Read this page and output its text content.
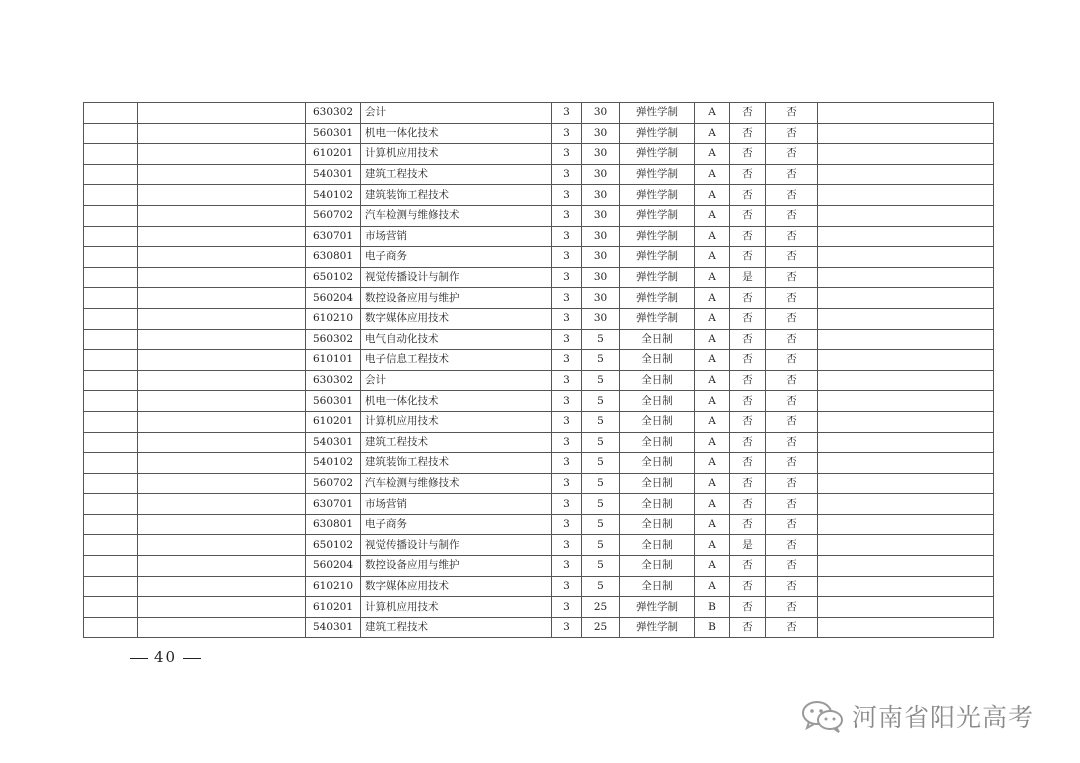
		630302	会计	3	30	弹性学制	A	否	否	
		560301	机电一体化技术	3	30	弹性学制	A	否	否	
		610201	计算机应用技术	3	30	弹性学制	A	否	否	
		540301	建筑工程技术	3	30	弹性学制	A	否	否	
		540102	建筑装饰工程技术	3	30	弹性学制	A	否	否	
		560702	汽车检测与维修技术	3	30	弹性学制	A	否	否	
		630701	市场营销	3	30	弹性学制	A	否	否	
		630801	电子商务	3	30	弹性学制	A	否	否	
		650102	视觉传播设计与制作	3	30	弹性学制	A	是	否	
		560204	数控设备应用与维护	3	30	弹性学制	A	否	否	
		610210	数字媒体应用技术	3	30	弹性学制	A	否	否	
		560302	电气自动化技术	3	5	全日制	A	否	否	
		610101	电子信息工程技术	3	5	全日制	A	否	否	
		630302	会计	3	5	全日制	A	否	否	
		560301	机电一体化技术	3	5	全日制	A	否	否	
		610201	计算机应用技术	3	5	全日制	A	否	否	
		540301	建筑工程技术	3	5	全日制	A	否	否	
		540102	建筑装饰工程技术	3	5	全日制	A	否	否	
		560702	汽车检测与维修技术	3	5	全日制	A	否	否	
		630701	市场营销	3	5	全日制	A	否	否	
		630801	电子商务	3	5	全日制	A	否	否	
		650102	视觉传播设计与制作	3	5	全日制	A	是	否	
		560204	数控设备应用与维护	3	5	全日制	A	否	否	
		610210	数字媒体应用技术	3	5	全日制	A	否	否	
		610201	计算机应用技术	3	25	弹性学制	B	否	否	
		540301	建筑工程技术	3	25	弹性学制	B	否	否	
40
河南省阳光高考
